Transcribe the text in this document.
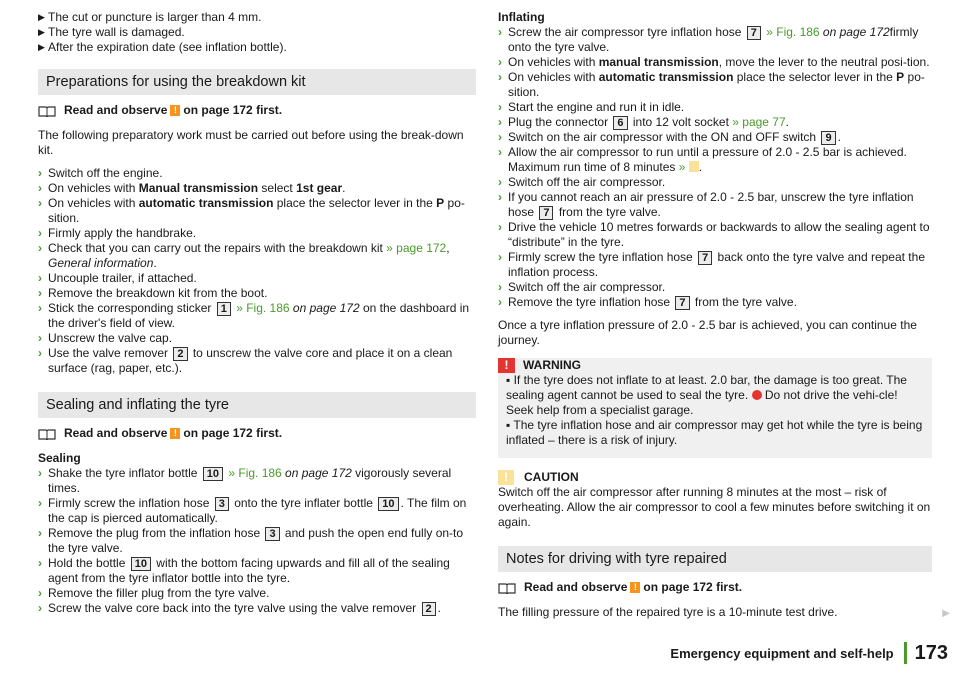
▶ The cut or puncture is larger than 4 mm.
▶ The tyre wall is damaged.
▶ After the expiration date (see inflation bottle).
Preparations for using the breakdown kit
Read and observe ! on page 172 first.

The following preparatory work must be carried out before using the break-down kit.

› Switch off the engine.
› On vehicles with Manual transmission select 1st gear.
› On vehicles with automatic transmission place the selector lever in the P po-sition.
› Firmly apply the handbrake.
› Check that you can carry out the repairs with the breakdown kit » page 172, General information.
› Uncouple trailer, if attached.
› Remove the breakdown kit from the boot.
› Stick the corresponding sticker 1 » Fig. 186 on page 172 on the dashboard in the driver's field of view.
› Unscrew the valve cap.
› Use the valve remover 2 to unscrew the valve core and place it on a clean surface (rag, paper, etc.).
Sealing and inflating the tyre
Read and observe ! on page 172 first.

Sealing

› Shake the tyre inflator bottle 10 » Fig. 186 on page 172 vigorously several times.
› Firmly screw the inflation hose 3 onto the tyre inflater bottle 10 . The film on the cap is pierced automatically.
› Remove the plug from the inflation hose 3 and push the open end fully on-to the tyre valve.
› Hold the bottle 10 with the bottom facing upwards and fill all of the sealing agent from the tyre inflator bottle into the tyre.
› Remove the filler plug from the tyre valve.
› Screw the valve core back into the tyre valve using the valve remover 2 .

Inflating

› Screw the air compressor tyre inflation hose 7 » Fig. 186 on page 172firmly onto the tyre valve.
› On vehicles with manual transmission, move the lever to the neutral posi-tion.
› On vehicles with automatic transmission place the selector lever in the P po-sition.
› Start the engine and run it in idle.
› Plug the connector 6 into 12 volt socket » page 77.
› Switch on the air compressor with the ON and OFF switch 9 .
› Allow the air compressor to run until a pressure of 2.0 - 2.5 bar is achieved. Maximum run time of 8 minutes » .
› Switch off the air compressor.
› If you cannot reach an air pressure of 2.0 - 2.5 bar, unscrew the tyre inflation hose 7 from the tyre valve.
› Drive the vehicle 10 metres forwards or backwards to allow the sealing agent to “distribute” in the tyre.
› Firmly screw the tyre inflation hose 7 back onto the tyre valve and repeat the inflation process.
› Switch off the air compressor.
› Remove the tyre inflation hose 7 from the tyre valve.

Once a tyre inflation pressure of 2.0 - 2.5 bar is achieved, you can continue the journey.

!	WARNING

▪ If the tyre does not inflate to at least. 2.0 bar, the damage is too great. The sealing agent cannot be used to seal the tyre.  Do not drive the vehi-cle! Seek help from a specialist garage.

▪ The tyre inflation hose and air compressor may get hot while the tyre is being inflated – there is a risk of injury.

!	CAUTION

Switch off the air compressor after running 8 minutes at the most – risk of overheating. Allow the air compressor to cool a few minutes before switching it on again.

Notes for driving with tyre repaired
Read and observe ! on page 172 first.

The filling pressure of the repaired tyre is a 10-minute test drive.	▶
Emergency equipment and self-help 173
